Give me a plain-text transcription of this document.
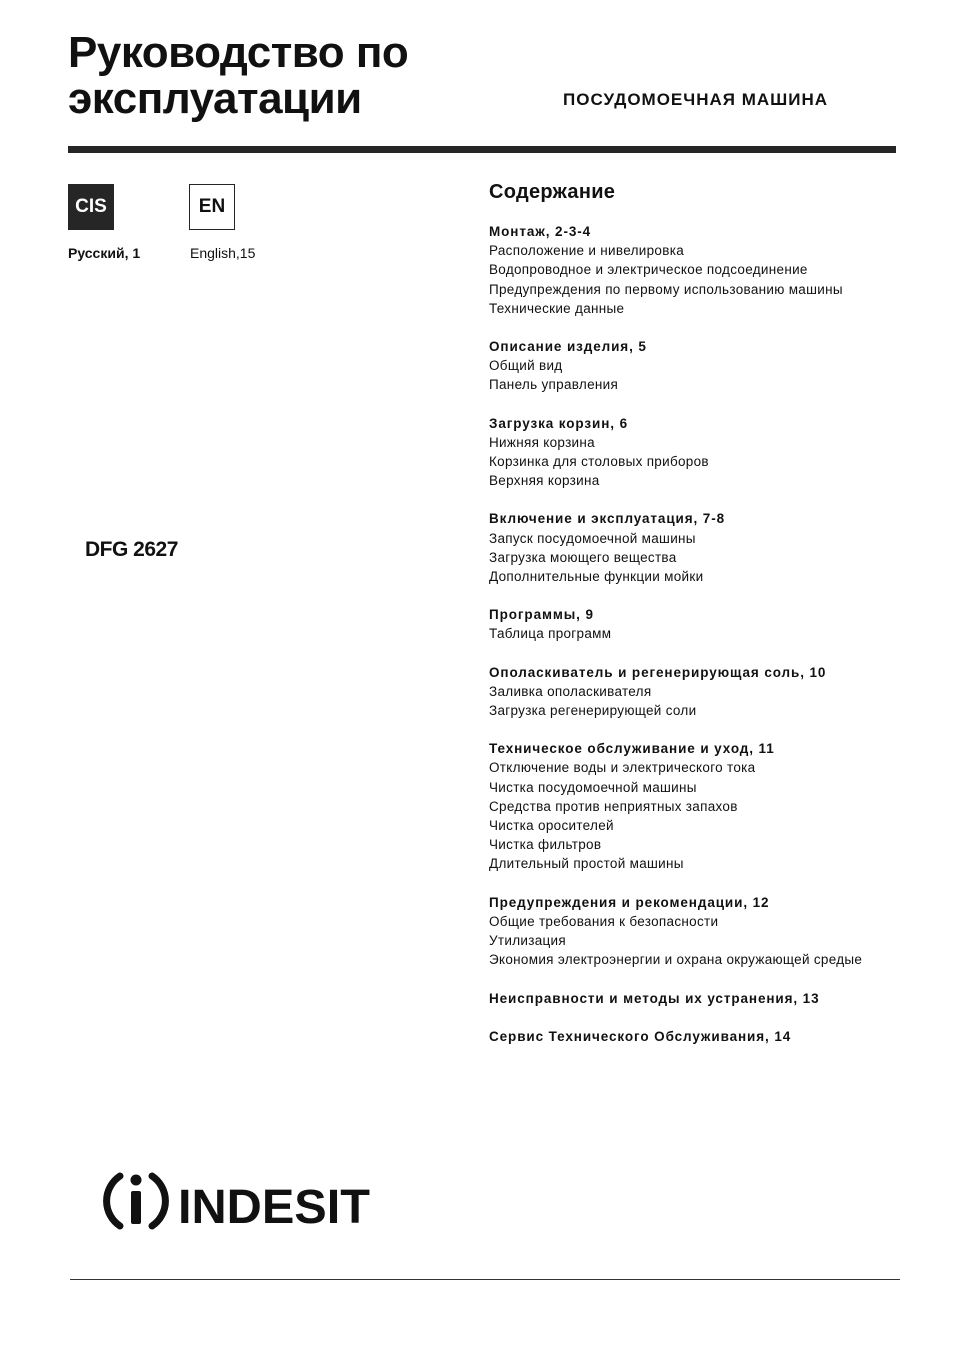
Руководство по
эксплуатации	ПОСУДОМОЕЧНАЯ МАШИНА
CIS	EN
Русский, 1	English,15
DFG 2627
Содержание
Монтаж, 2-3-4
Расположение и нивелировка
Водопроводное и электрическое подсоединение
Предупреждения по первому использованию машины
Технические данные
Описание изделия, 5
Общий вид
Панель управления
Загрузка корзин, 6
Нижняя корзина
Корзинка для столовых приборов
Верхняя корзина
Включение и эксплуатация, 7-8
Запуск посудомоечной машины
Загрузка моющего вещества
Дополнительные функции мойки
Программы, 9
Таблица программ
Ополаскиватель и регенерирующая соль, 10
Заливка ополаскивателя
Загрузка регенерирующей соли
Техническое обслуживание и уход, 11
Отключение воды и электрического тока
Чистка посудомоечной машины
Средства против неприятных запахов
Чистка оросителей
Чистка фильтров
Длительный простой машины
Предупреждения и рекомендации, 12
Общие требования к безопасности
Утилизация
Экономия электроэнергии и охрана окружающей средые
Неисправности и методы их устранения, 13
Сервис Технического Обслуживания, 14
INDESIT
